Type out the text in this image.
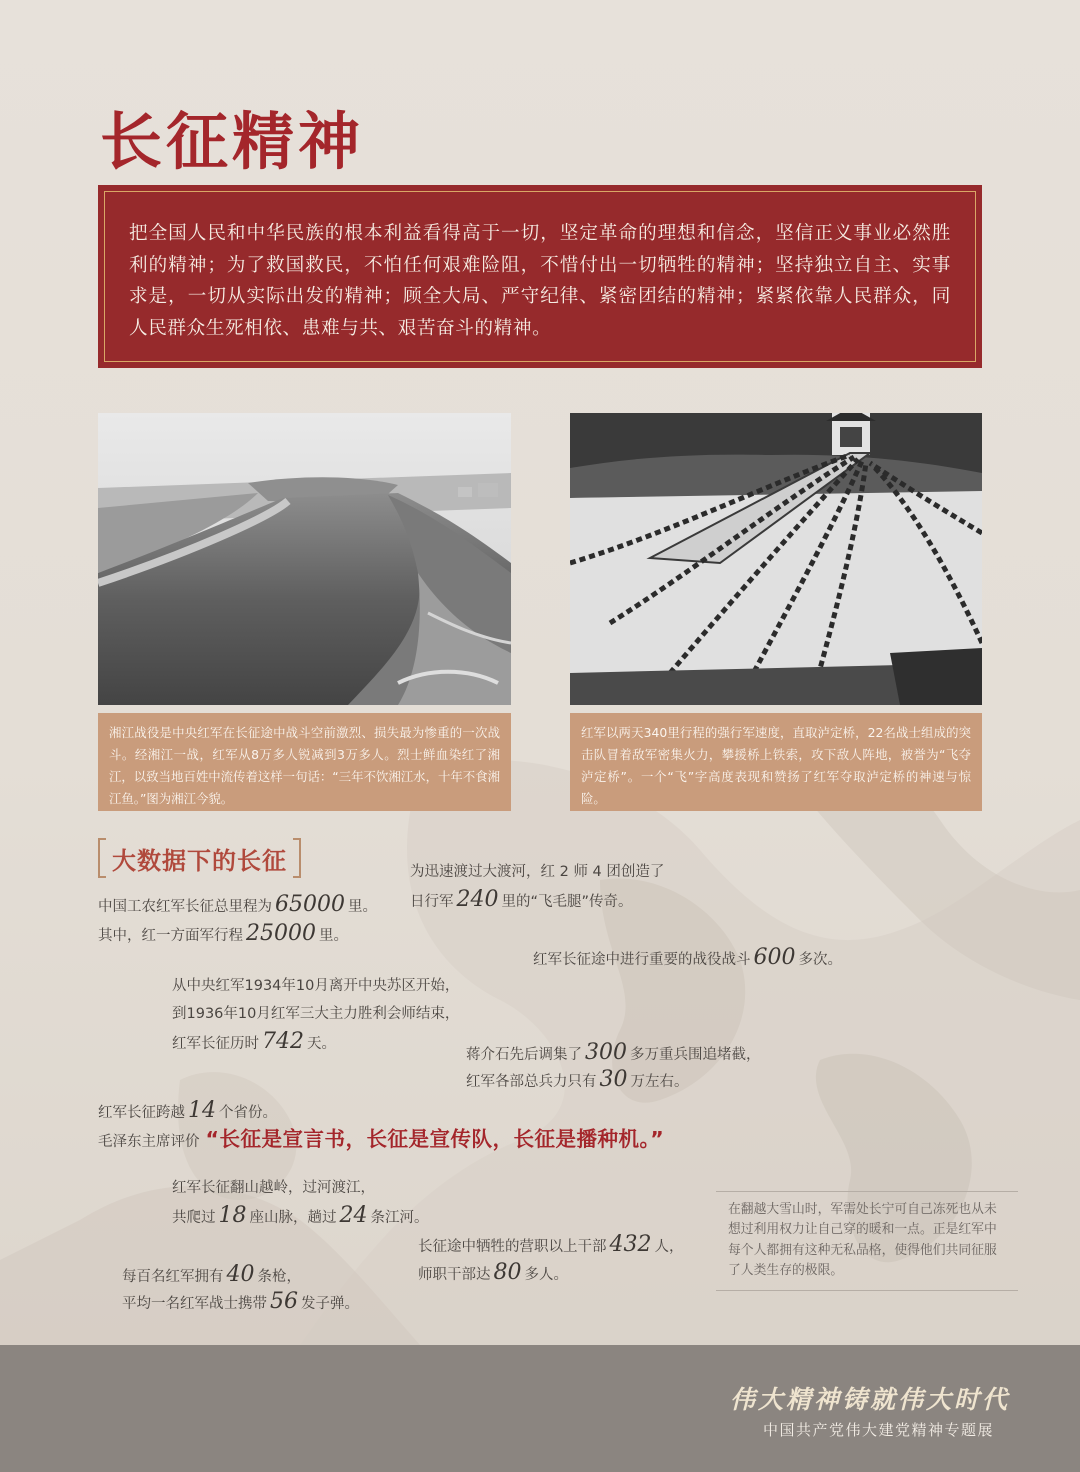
长征精神

把全国人民和中华民族的根本利益看得高于一切，坚定革命的理想和信念，坚信正义事业必然胜利的精神；为了救国救民，不怕任何艰难险阻，不惜付出一切牺牲的精神；坚持独立自主、实事求是，一切从实际出发的精神；顾全大局、严守纪律、紧密团结的精神；紧紧依靠人民群众，同人民群众生死相依、患难与共、艰苦奋斗的精神。

湘江战役是中央红军在长征途中战斗空前激烈、损失最为惨重的一次战斗。经湘江一战，红军从8万多人锐减到3万多人。烈士鲜血染红了湘江，以致当地百姓中流传着这样一句话：“三年不饮湘江水，十年不食湘江鱼。”图为湘江今貌。
红军以两天340里行程的强行军速度，直取泸定桥，22名战士组成的突击队冒着敌军密集火力，攀援桥上铁索，攻下敌人阵地，被誉为“飞夺泸定桥”。一个“飞”字高度表现和赞扬了红军夺取泸定桥的神速与惊险。
大数据下的长征
中国工农红军长征总里程为 65000 里。
其中，红一方面军行程 25000 里。
为迅速渡过大渡河，红 2 师 4 团创造了
日行军 240 里的“飞毛腿”传奇。
红军长征途中进行重要的战役战斗 600 多次。
从中央红军1934年10月离开中央苏区开始，
到1936年10月红军三大主力胜利会师结束，
红军长征历时 742 天。
蒋介石先后调集了 300 多万重兵围追堵截，
红军各部总兵力只有 30 万左右。
红军长征跨越 14 个省份。
毛泽东主席评价 “长征是宣言书，长征是宣传队，长征是播种机。”
红军长征翻山越岭，过河渡江，
共爬过 18 座山脉，趟过 24 条江河。
长征途中牺牲的营职以上干部 432 人，
师职干部达 80 多人。
每百名红军拥有 40 条枪，
平均一名红军战士携带 56 发子弹。
在翻越大雪山时，军需处长宁可自己冻死也从未想过利用权力让自己穿的暖和一点。正是红军中每个人都拥有这种无私品格，使得他们共同征服了人类生存的极限。
伟大精神铸就伟大时代
中国共产党伟大建党精神专题展
